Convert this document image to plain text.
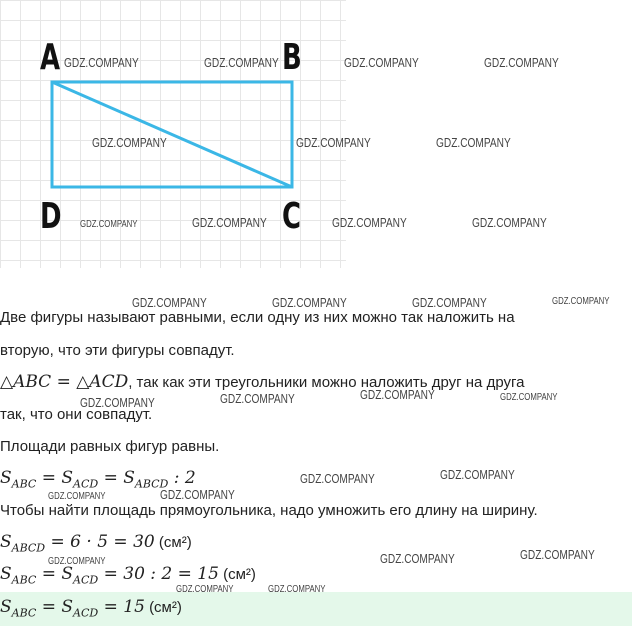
A	B
D	C
Две фигуры называют равными, если одну из них можно так наложить на
вторую, что эти фигуры совпадут.
△ABC = △ACD, так как эти треугольники можно наложить друг на друга
так, что они совпадут.
Площади равных фигур равны.
$S_{ABC} = S_{ACD} = S_{ABCD}$ : 2
Чтобы найти площадь прямоугольника, надо умножить его длину на ширину.
$S_{ABCD} = 6 \cdot 5 = 30$ (см²)
$S_{ABC} = S_{ACD} = 30$ : 2 = 15 (см²)
$S_{ABC} = S_{ACD} = 15$ (см²)
GDZ.COMPANY	GDZ.COMPANY	GDZ.COMPANY	GDZ.COMPANY
GDZ.COMPANY	GDZ.COMPANY	GDZ.COMPANY
GDZ.COMPANY	GDZ.COMPANY	GDZ.COMPANY	GDZ.COMPANY
GDZ.COMPANY	GDZ.COMPANY	GDZ.COMPANY	GDZ.COMPANY
GDZ.COMPANY	GDZ.COMPANY	GDZ.COMPANY	GDZ.COMPANY
GDZ.COMPANY	GDZ.COMPANY
GDZ.COMPANY	GDZ.COMPANY
GDZ.COMPANY	GDZ.COMPANY
GDZ.COMPANY
GDZ.COMPANY	GDZ.COMPANY
